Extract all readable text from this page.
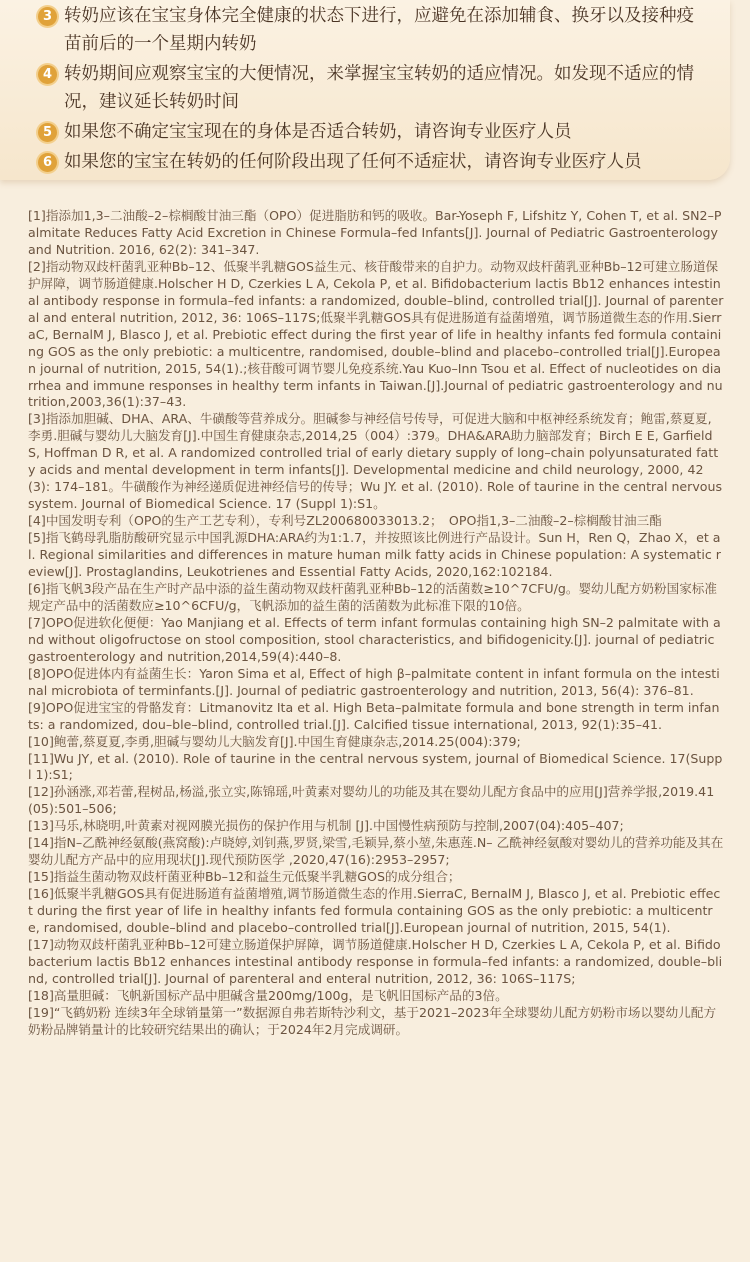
3 转奶应该在宝宝身体完全健康的状态下进行，应避免在添加辅食、换牙以及接种疫苗前后的一个星期内转奶
4 转奶期间应观察宝宝的大便情况，来掌握宝宝转奶的适应情况。如发现不适应的情况，建议延长转奶时间
5 如果您不确定宝宝现在的身体是否适合转奶，请咨询专业医疗人员
6 如果您的宝宝在转奶的任何阶段出现了任何不适症状，请咨询专业医疗人员

[1]指添加1,3–二油酸–2–棕榈酸甘油三酯（OPO）促进脂肪和钙的吸收。Bar-Yoseph F, Lifshitz Y, Cohen T, et al. SN2–Palmitate Reduces Fatty Acid Excretion in Chinese Formula–fed Infants[J]. Journal of Pediatric Gastroenterology and Nutrition. 2016, 62(2): 341–347.

[2]指动物双歧杆菌乳亚种Bb–12、低聚半乳糖GOS益生元、核苷酸带来的自护力。动物双歧杆菌乳亚种Bb–12可建立肠道保护屏障，调节肠道健康.Holscher H D, Czerkies L A, Cekola P, et al. Bifidobacterium lactis Bb12 enhances intestinal antibody response in formula–fed infants: a randomized, double–blind, controlled trial[J]. Journal of parenteral and enteral nutrition, 2012, 36: 106S–117S;低聚半乳糖GOS具有促进肠道有益菌增殖，调节肠道微生态的作用.SierraC, BernalM J, Blasco J, et al. Prebiotic effect during the first year of life in healthy infants fed formula containing GOS as the only prebiotic: a multicentre, randomised, double–blind and placebo–controlled trial[J].European journal of nutrition, 2015, 54(1).;核苷酸可调节婴儿免疫系统.Yau Kuo–Inn Tsou et al. Effect of nucleotides on diarrhea and immune responses in healthy term infants in Taiwan.[J].Journal of pediatric gastroenterology and nutrition,2003,36(1):37–43.

[3]指添加胆碱、DHA、ARA、牛磺酸等营养成分。胆碱参与神经信号传导，可促进大脑和中枢神经系统发育；鲍雷,蔡夏夏,李勇.胆碱与婴幼儿大脑发育[J].中国生育健康杂志,2014,25（004）:379。DHA&ARA助力脑部发育；Birch E E, Garfield S, Hoffman D R, et al. A randomized controlled trial of early dietary supply of long–chain polyunsaturated fatty acids and mental development in term infants[J]. Developmental medicine and child neurology, 2000, 42(3): 174–181。牛磺酸作为神经递质促进神经信号的传导；Wu JY. et al. (2010). Role of taurine in the central nervous system. Journal of Biomedical Science. 17 (Suppl 1):S1。

[4]中国发明专利（OPO的生产工艺专利），专利号ZL200680033013.2；　OPO指1,3–二油酸–2–棕榈酸甘油三酯

[5]指飞鹤母乳脂肪酸研究显示中国乳源DHA:ARA约为1:1.7，并按照该比例进行产品设计。Sun H，Ren Q，Zhao X，et al. Regional similarities and differences in mature human milk fatty acids in Chinese population: A systematic review[J]. Prostaglandins, Leukotrienes and Essential Fatty Acids, 2020,162:102184.

[6]指飞帆3段产品在生产时产品中添的益生菌动物双歧杆菌乳亚种Bb–12的活菌数≥10^7CFU/g。婴幼儿配方奶粉国家标准规定产品中的活菌数应≥10^6CFU/g，飞帆添加的益生菌的活菌数为此标准下限的10倍。

[7]OPO促进软化便便：Yao Manjiang et al. Effects of term infant formulas containing high SN–2 palmitate with and without oligofructose on stool composition, stool characteristics, and bifidogenicity.[J]. journal of pediatric gastroenterology and nutrition,2014,59(4):440–8.

[8]OPO促进体内有益菌生长：Yaron Sima et al, Effect of high β–palmitate content in infant formula on the intestinal microbiota of terminfants.[J]. Journal of pediatric gastroenterology and nutrition, 2013, 56(4): 376–81.

[9]OPO促进宝宝的骨骼发育：Litmanovitz Ita et al. High Beta–palmitate formula and bone strength in term infants: a randomized, dou–ble–blind, controlled trial.[J]. Calcified tissue international, 2013, 92(1):35–41.

[10]鲍蕾,蔡夏夏,李勇,胆碱与婴幼儿大脑发育[J].中国生育健康杂志,2014.25(004):379;

[11]Wu JY, et al. (2010). Role of taurine in the central nervous system, journal of Biomedical Science. 17(Suppl 1):S1;

[12]孙涵涨,邓若蕾,程树品,杨溢,张立实,陈锦瑶,叶黄素对婴幼儿的功能及其在婴幼儿配方食品中的应用[J]营养学报,2019.41(05):501–506;

[13]马乐,林晓明,叶黄素对视网膜光损伤的保护作用与机制 [J].中国慢性病预防与控制,2007(04):405–407;

[14]指N–乙酰神经氨酸(燕窝酸):卢晓婷,刘钊燕,罗贤,梁雪,毛颖异,蔡小堃,朱惠莲.N– 乙酰神经氨酸对婴幼儿的营养功能及其在婴幼儿配方产品中的应用现状[J].现代预防医学 ,2020,47(16):2953–2957;

[15]指益生菌动物双歧杆菌亚种Bb–12和益生元低聚半乳糖GOS的成分组合；

[16]低聚半乳糖GOS具有促进肠道有益菌增殖,调节肠道微生态的作用.SierraC, BernalM J, Blasco J, et al. Prebiotic effect during the first year of life in healthy infants fed formula containing GOS as the only prebiotic: a multicentre, randomised, double–blind and placebo–controlled trial[J].European journal of nutrition, 2015, 54(1).

[17]动物双歧杆菌乳亚种Bb–12可建立肠道保护屏障，调节肠道健康.Holscher H D, Czerkies L A, Cekola P, et al. Bifidobacterium lactis Bb12 enhances intestinal antibody response in formula–fed infants: a randomized, double–blind, controlled trial[J]. Journal of parenteral and enteral nutrition, 2012, 36: 106S–117S;

[18]高量胆碱：飞帆新国标产品中胆碱含量200mg/100g，是飞帆旧国标产品的3倍。

[19]“飞鹤奶粉 连续3年全球销量第一”数据源自弗若斯特沙利文，基于2021–2023年全球婴幼儿配方奶粉市场以婴幼儿配方奶粉品牌销量计的比较研究结果出的确认；于2024年2月完成调研。
